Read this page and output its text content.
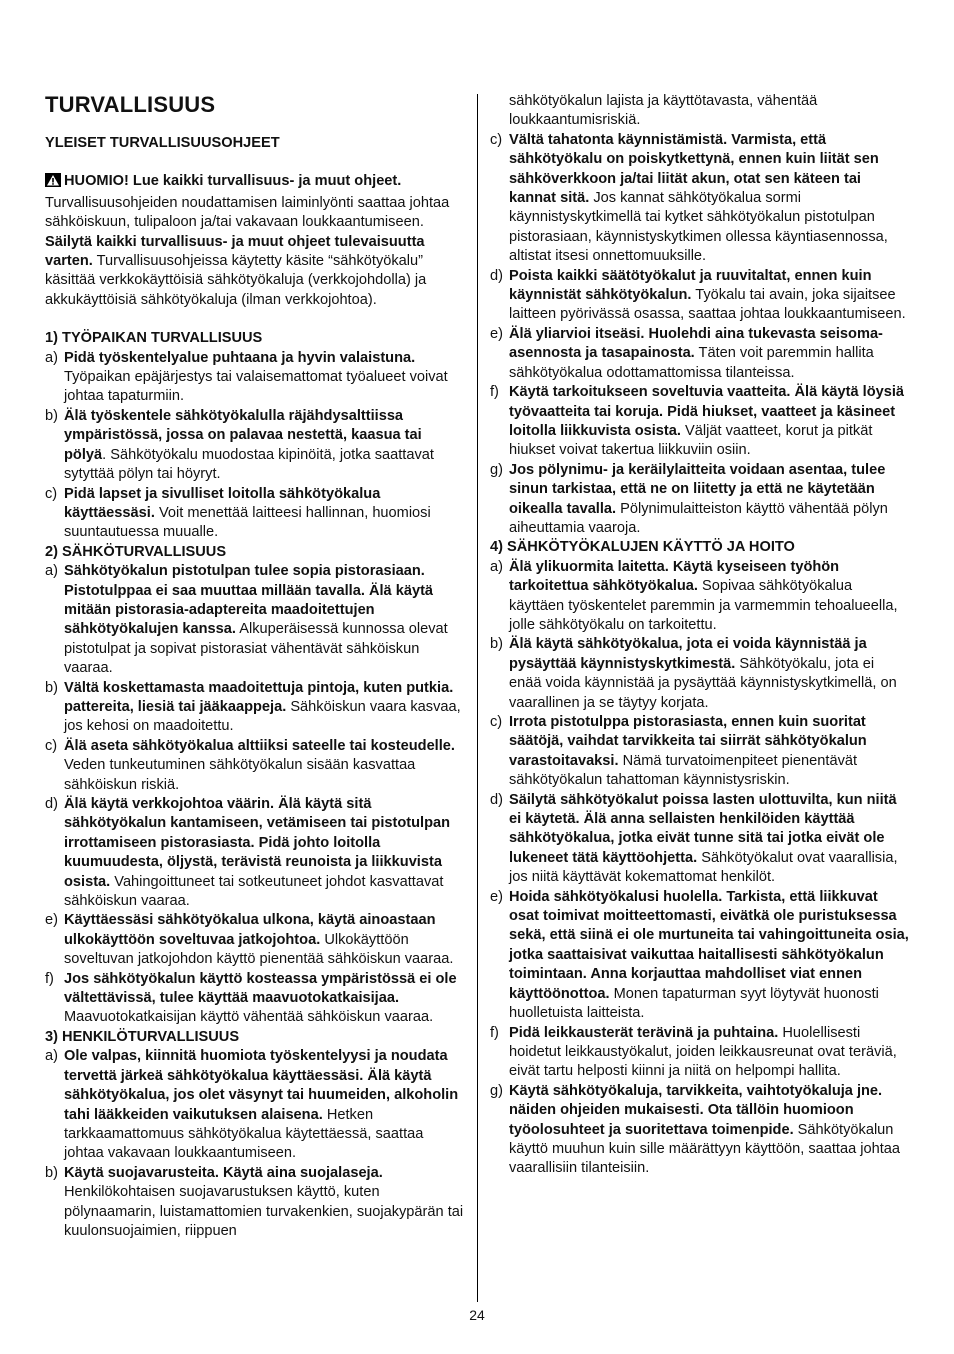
TURVALLISUUS

YLEISET TURVALLISUUSOHJEET

HUOMIO! Lue kaikki turvallisuus- ja muut ohjeet. Turvallisuusohjeiden noudattamisen laiminlyönti saattaa johtaa sähköiskuun, tulipaloon ja/tai vakavaan loukkaantumiseen. Säilytä kaikki turvallisuus- ja muut ohjeet tulevaisuutta varten. Turvallisuusohjeissa käytetty käsite “sähkötyökalu” käsittää verkkokäyttöisiä sähkötyökaluja (verkkojohdolla) ja akkukäyttöisiä sähkötyökaluja (ilman verkkojohtoa).

1) TYÖPAIKAN TURVALLISUUS

a) Pidä työskentelyalue puhtaana ja hyvin valaistuna. Työpaikan epäjärjestys tai valaisemattomat työalueet voivat johtaa tapaturmiin.
b) Älä työskentele sähkötyökalulla räjähdysalttiissa ympäristössä, jossa on palavaa nestettä, kaasua tai pölyä. Sähkötyökalu muodostaa kipinöitä, jotka saattavat sytyttää pölyn tai höyryt.
c) Pidä lapset ja sivulliset loitolla sähkötyökalua käyttäessäsi. Voit menettää laitteesi hallinnan, huomiosi suuntautuessa muualle.

2) SÄHKÖTURVALLISUUS

a) Sähkötyökalun pistotulpan tulee sopia pistorasiaan. Pistotulppaa ei saa muuttaa millään tavalla. Älä käytä mitään pistorasia-adaptereita maadoitettujen sähkötyökalujen kanssa. Alkuperäisessä kunnossa olevat pistotulpat ja sopivat pistorasiat vähentävät sähköiskun vaaraa.
b) Vältä koskettamasta maadoitettuja pintoja, kuten putkia. pattereita, liesiä tai jääkaappeja. Sähköiskun vaara kasvaa, jos kehosi on maadoitettu.
c) Älä aseta sähkötyökalua alttiiksi sateelle tai kosteudelle. Veden tunkeutuminen sähkötyökalun sisään kasvattaa sähköiskun riskiä.
d) Älä käytä verkkojohtoa väärin. Älä käytä sitä sähkötyökalun kantamiseen, vetämiseen tai pistotulpan irrottamiseen pistorasiasta. Pidä johto loitolla kuumuudesta, öljystä, terävistä reunoista ja liikkuvista osista. Vahingoittuneet tai sotkeutuneet johdot kasvattavat sähköiskun vaaraa.
e) Käyttäessäsi sähkötyökalua ulkona, käytä ainoastaan ulkokäyttöön soveltuvaa jatkojohtoa. Ulkokäyttöön soveltuvan jatkojohdon käyttö pienentää sähköiskun vaaraa.
f) Jos sähkötyökalun käyttö kosteassa ympäristössä ei ole vältettävissä, tulee käyttää maavuotokatkaisijaa. Maavuotokatkaisijan käyttö vähentää sähköiskun vaaraa.

3) HENKILÖTURVALLISUUS

a) Ole valpas, kiinnitä huomiota työskentelyysi ja noudata tervettä järkeä sähkötyökalua käyttäessäsi. Älä käytä sähkötyökalua, jos olet väsynyt tai huumeiden, alkoholin tahi lääkkeiden vaikutuksen alaisena. Hetken tarkkaamattomuus sähkötyökalua käytettäessä, saattaa johtaa vakavaan loukkaantumiseen.
b) Käytä suojavarusteita. Käytä aina suojalaseja. Henkilökohtaisen suojavarustuksen käyttö, kuten pölynaamarin, luistamattomien turvakenkien, suojakypärän tai kuulonsuojaimien, riippuen

sähkötyökalun lajista ja käyttötavasta, vähentää loukkaantumisriskiä.

c) Vältä tahatonta käynnistämistä. Varmista, että sähkötyökalu on poiskytkettynä, ennen kuin liität sen sähköverkkoon ja/tai liität akun, otat sen käteen tai kannat sitä. Jos kannat sähkötyökalua sormi käynnistyskytkimellä tai kytket sähkötyökalun pistotulpan pistorasiaan, käynnistyskytkimen ollessa käyntiasennossa, altistat itsesi onnettomuuksille.
d) Poista kaikki säätötyökalut ja ruuvitaltat, ennen kuin käynnistät sähkötyökalun. Työkalu tai avain, joka sijaitsee laitteen pyörivässä osassa, saattaa johtaa loukkaantumiseen.
e) Älä yliarvioi itseäsi. Huolehdi aina tukevasta seisoma-asennosta ja tasapainosta. Täten voit paremmin hallita sähkötyökalua odottamattomissa tilanteissa.
f) Käytä tarkoitukseen soveltuvia vaatteita. Älä käytä löysiä työvaatteita tai koruja. Pidä hiukset, vaatteet ja käsineet loitolla liikkuvista osista. Väljät vaatteet, korut ja pitkät hiukset voivat takertua liikkuviin osiin.
g) Jos pölynimu- ja keräilylaitteita voidaan asentaa, tulee sinun tarkistaa, että ne on liitetty ja että ne käytetään oikealla tavalla. Pölynimulaitteiston käyttö vähentää pölyn aiheuttamia vaaroja.

4) SÄHKÖTYÖKALUJEN KÄYTTÖ JA HOITO

a) Älä ylikuormita laitetta. Käytä kyseiseen työhön tarkoitettua sähkötyökalua. Sopivaa sähkötyökalua käyttäen työskentelet paremmin ja varmemmin tehoalueella, jolle sähkötyökalu on tarkoitettu.
b) Älä käytä sähkötyökalua, jota ei voida käynnistää ja pysäyttää käynnistyskytkimestä. Sähkötyökalu, jota ei enää voida käynnistää ja pysäyttää käynnistyskytkimellä, on vaarallinen ja se täytyy korjata.
c) Irrota pistotulppa pistorasiasta, ennen kuin suoritat säätöjä, vaihdat tarvikkeita tai siirrät sähkötyökalun varastoitavaksi. Nämä turvatoimenpiteet pienentävät sähkötyökalun tahattoman käynnistysriskin.
d) Säilytä sähkötyökalut poissa lasten ulottuvilta, kun niitä ei käytetä. Älä anna sellaisten henkilöiden käyttää sähkötyökalua, jotka eivät tunne sitä tai jotka eivät ole lukeneet tätä käyttöohjetta. Sähkötyökalut ovat vaarallisia, jos niitä käyttävät kokemattomat henkilöt.
e) Hoida sähkötyökalusi huolella. Tarkista, että liikkuvat osat toimivat moitteettomasti, eivätkä ole puristuksessa sekä, että siinä ei ole murtuneita tai vahingoittuneita osia, jotka saattaisivat vaikuttaa haitallisesti sähkötyökalun toimintaan. Anna korjauttaa mahdolliset viat ennen käyttöönottoa. Monen tapaturman syyt löytyvät huonosti huolletuista laitteista.
f) Pidä leikkausterät terävinä ja puhtaina. Huolellisesti hoidetut leikkaustyökalut, joiden leikkausreunat ovat teräviä, eivät tartu helposti kiinni ja niitä on helpompi hallita.
g) Käytä sähkötyökaluja, tarvikkeita, vaihtotyökaluja jne. näiden ohjeiden mukaisesti. Ota tällöin huomioon työolosuhteet ja suoritettava toimenpide. Sähkötyökalun käyttö muuhun kuin sille määrättyyn käyttöön, saattaa johtaa vaarallisiin tilanteisiin.
24
